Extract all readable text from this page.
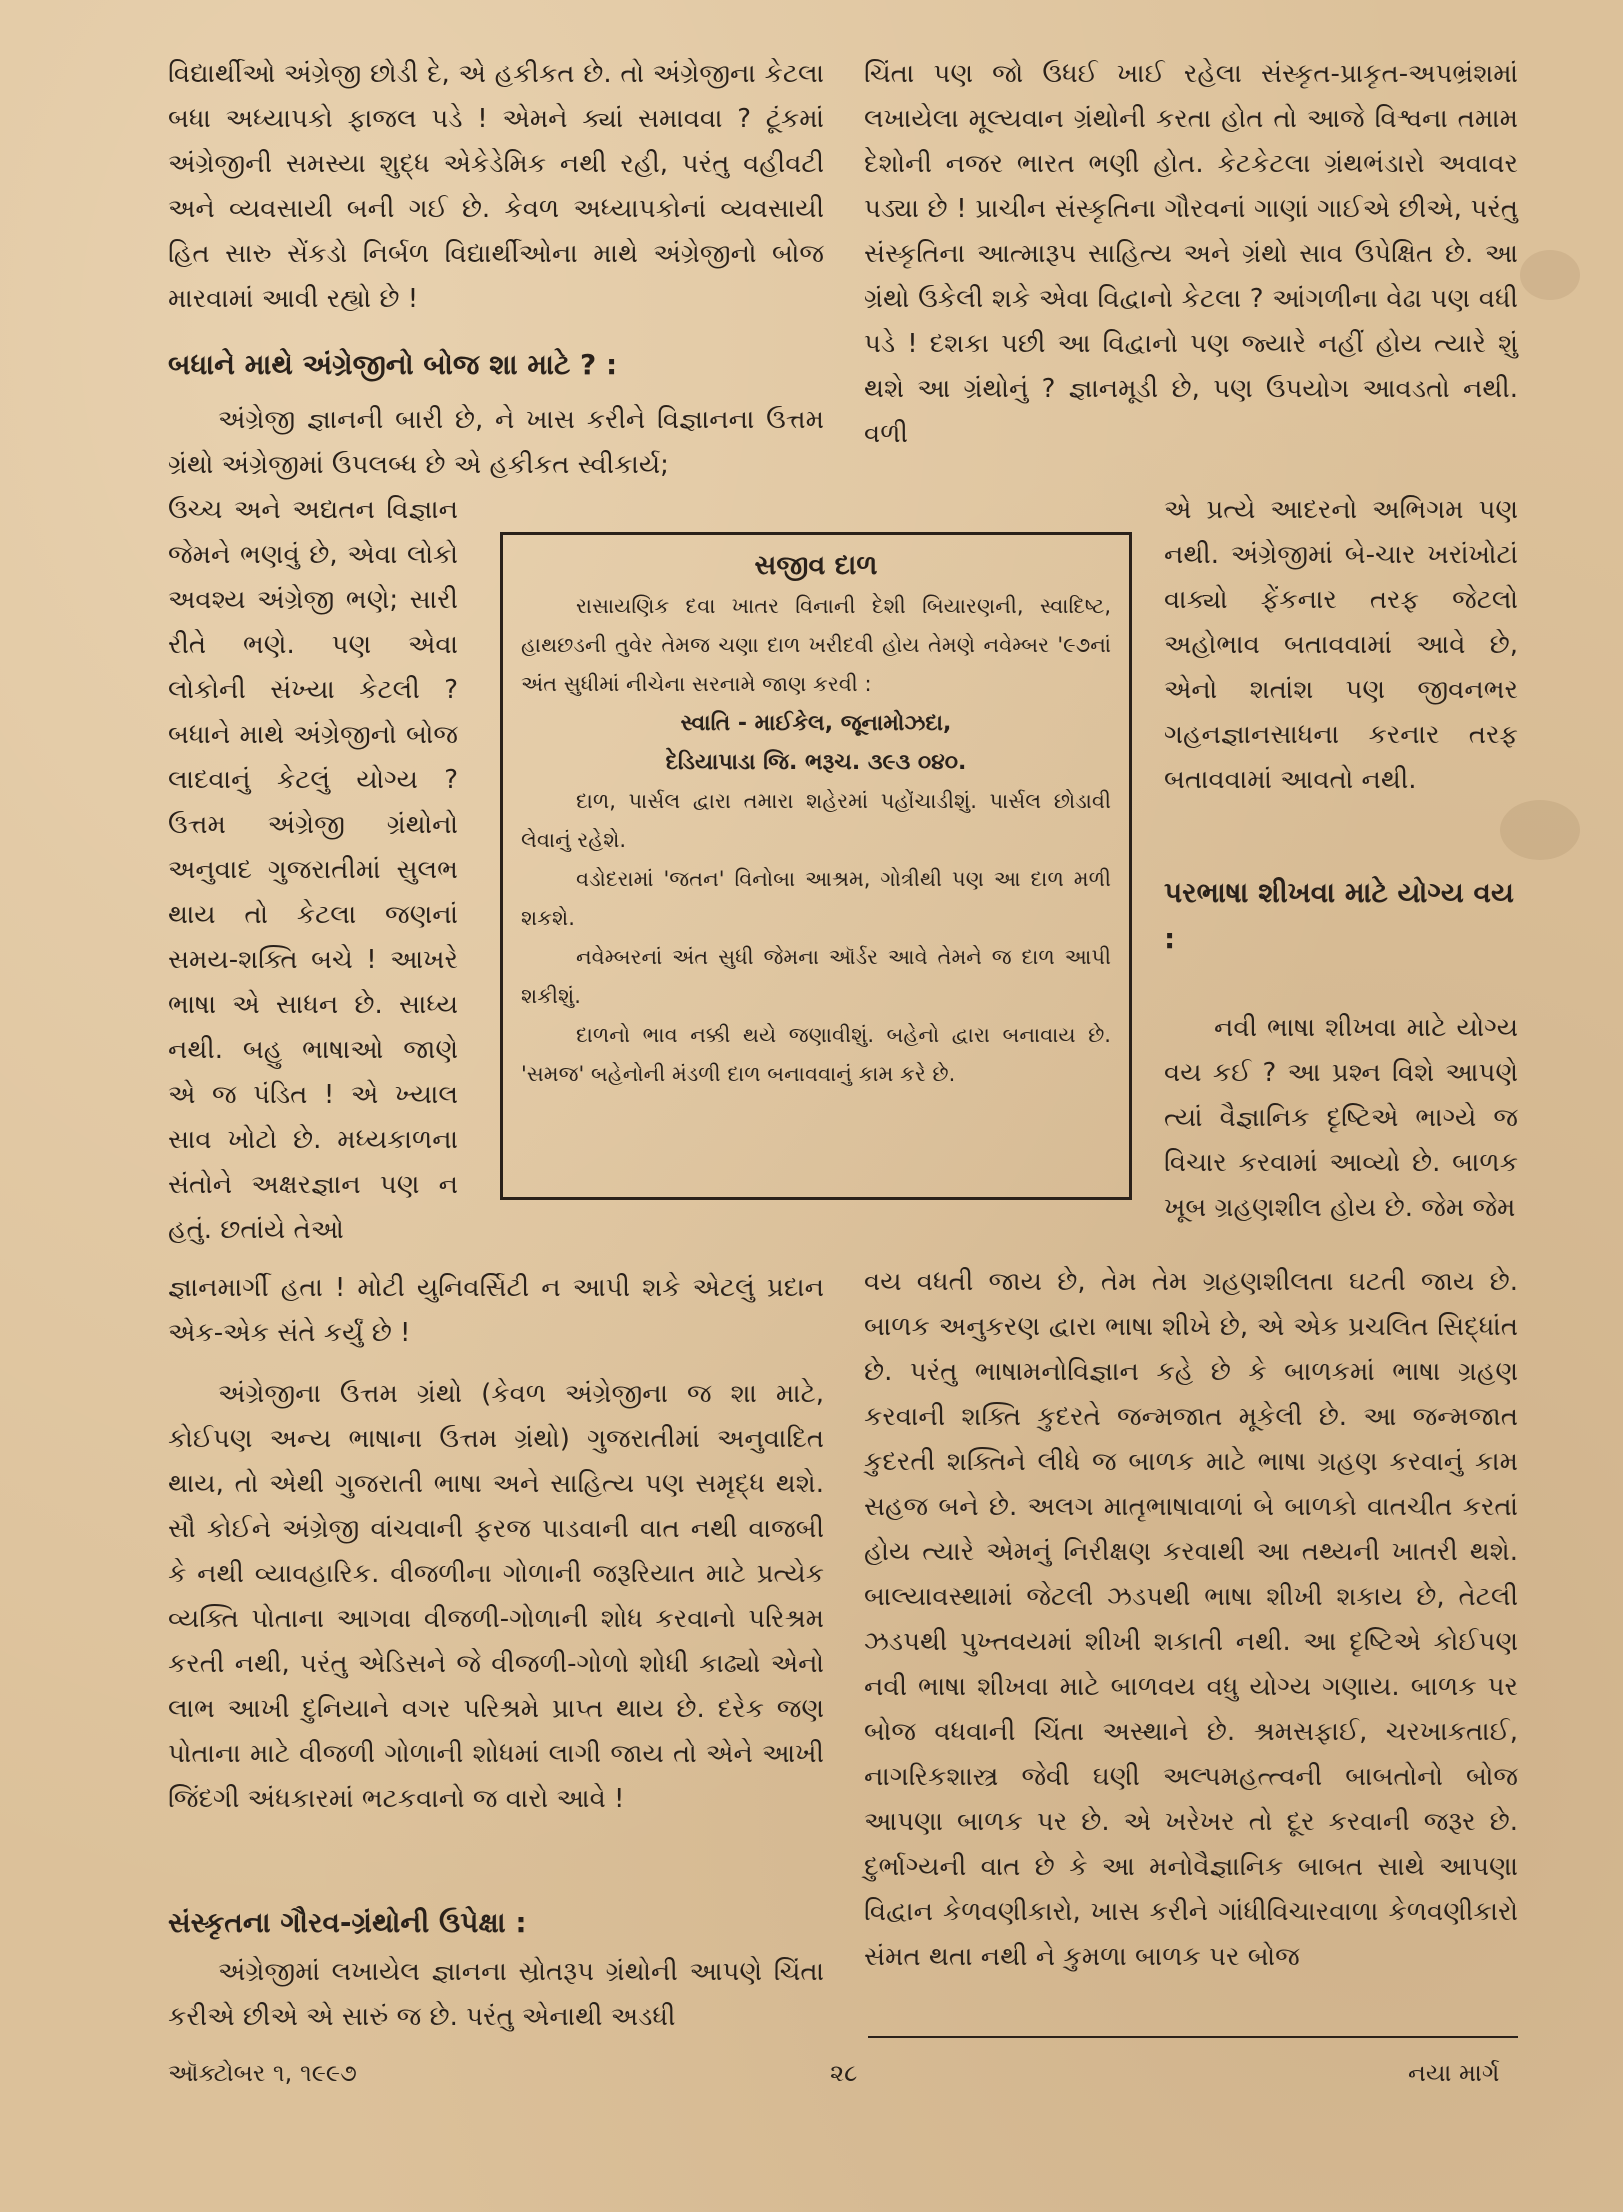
વિદ્યાર્થીઓ અંગ્રેજી છોડી દે, એ હકીકત છે. તો અંગ્રેજીના કેટલા બધા અધ્યાપકો ફાજલ પડે ! એમને ક્યાં સમાવવા ? ટૂંકમાં અંગ્રેજીની સમસ્યા શુદ્ધ એકેડેમિક નથી રહી, પરંતુ વહીવટી અને વ્યવસાયી બની ગઈ છે. કેવળ અધ્યાપકોનાં વ્યવસાયી હિત સારુ સેંકડો નિર્બળ વિદ્યાર્થીઓના માથે અંગ્રેજીનો બોજ મારવામાં આવી રહ્યો છે !

બધાને માથે અંગ્રેજીનો બોજ શા માટે ? :

અંગ્રેજી જ્ઞાનની બારી છે, ને ખાસ કરીને વિજ્ઞાનના ઉત્તમ ગ્રંથો અંગ્રેજીમાં ઉપલબ્ધ છે એ હકીકત સ્વીકાર્ય;

ઉચ્ચ અને અદ્યતન વિજ્ઞાન જેમને ભણવું છે, એવા લોકો અવશ્ય અંગ્રેજી ભણે; સારી રીતે ભણે. પણ એવા લોકોની સંખ્યા કેટલી ? બધાને માથે અંગ્રેજીનો બોજ લાદવાનું કેટલું યોગ્ય ? ઉત્તમ અંગ્રેજી ગ્રંથોનો અનુવાદ ગુજરાતીમાં સુલભ થાય તો કેટલા જણનાં સમય-શક્તિ બચે ! આખરે ભાષા એ સાધન છે. સાધ્ય નથી. બહુ ભાષાઓ જાણે એ જ પંડિત ! એ ખ્યાલ સાવ ખોટો છે. મધ્યકાળના સંતોને અક્ષરજ્ઞાન પણ ન હતું. છતાંયે તેઓ

જ્ઞાનમાર્ગી હતા ! મોટી યુનિવર્સિટી ન આપી શકે એટલું પ્રદાન એક-એક સંતે કર્યું છે !

અંગ્રેજીના ઉત્તમ ગ્રંથો (કેવળ અંગ્રેજીના જ શા માટે, કોઈપણ અન્ય ભાષાના ઉત્તમ ગ્રંથો) ગુજરાતીમાં અનુવાદિત થાય, તો એથી ગુજરાતી ભાષા અને સાહિત્ય પણ સમૃદ્ધ થશે. સૌ કોઈને અંગ્રેજી વાંચવાની ફરજ પાડવાની વાત નથી વાજબી કે નથી વ્યાવહારિક. વીજળીના ગોળાની જરૂરિયાત માટે પ્રત્યેક વ્યક્તિ પોતાના આગવા વીજળી-ગોળાની શોધ કરવાનો પરિશ્રમ કરતી નથી, પરંતુ એડિસને જે વીજળી-ગોળો શોધી કાઢ્યો એનો લાભ આખી દુનિયાને વગર પરિશ્રમે પ્રાપ્ત થાય છે. દરેક જણ પોતાના માટે વીજળી ગોળાની શોધમાં લાગી જાય તો એને આખી જિંદગી અંધકારમાં ભટકવાનો જ વારો આવે !

સંસ્કૃતના ગૌરવ-ગ્રંથોની ઉપેક્ષા :

અંગ્રેજીમાં લખાયેલ જ્ઞાનના સ્રોતરૂપ ગ્રંથોની આપણે ચિંતા કરીએ છીએ એ સારું જ છે. પરંતુ એનાથી અડધી

ચિંતા પણ જો ઉધઈ ખાઈ રહેલા સંસ્કૃત-પ્રાકૃત-અપભ્રંશમાં લખાયેલા મૂલ્યવાન ગ્રંથોની કરતા હોત તો આજે વિશ્વના તમામ દેશોની નજર ભારત ભણી હોત. કેટકેટલા ગ્રંથભંડારો અવાવર પડ્યા છે ! પ્રાચીન સંસ્કૃતિના ગૌરવનાં ગાણાં ગાઈએ છીએ, પરંતુ સંસ્કૃતિના આત્મારૂપ સાહિત્ય અને ગ્રંથો સાવ ઉપેક્ષિત છે. આ ગ્રંથો ઉકેલી શકે એવા વિદ્વાનો કેટલા ? આંગળીના વેઢા પણ વધી પડે ! દશકા પછી આ વિદ્વાનો પણ જ્યારે નહીં હોય ત્યારે શું થશે આ ગ્રંથોનું ? જ્ઞાનમૂડી છે, પણ ઉપયોગ આવડતો નથી. વળી

એ પ્રત્યે આદરનો અભિગમ પણ નથી. અંગ્રેજીમાં બે-ચાર ખરાંખોટાં વાક્યો ફેંકનાર તરફ જેટલો અહોભાવ બતાવવામાં આવે છે, એનો શતાંશ પણ જીવનભર ગહનજ્ઞાનસાધના કરનાર તરફ બતાવવામાં આવતો નથી.

પરભાષા શીખવા માટે યોગ્ય વય :

નવી ભાષા શીખવા માટે યોગ્ય વય કઈ ? આ પ્રશ્ન વિશે આપણે ત્યાં વૈજ્ઞાનિક દૃષ્ટિએ ભાગ્યે જ વિચાર કરવામાં આવ્યો છે. બાળક ખૂબ ગ્રહણશીલ હોય છે. જેમ જેમ

વય વધતી જાય છે, તેમ તેમ ગ્રહણશીલતા ઘટતી જાય છે. બાળક અનુકરણ દ્વારા ભાષા શીખે છે, એ એક પ્રચલિત સિદ્ધાંત છે. પરંતુ ભાષામનોવિજ્ઞાન કહે છે કે બાળકમાં ભાષા ગ્રહણ કરવાની શક્તિ કુદરતે જન્મજાત મૂકેલી છે. આ જન્મજાત કુદરતી શક્તિને લીધે જ બાળક માટે ભાષા ગ્રહણ કરવાનું કામ સહજ બને છે. અલગ માતૃભાષાવાળાં બે બાળકો વાતચીત કરતાં હોય ત્યારે એમનું નિરીક્ષણ કરવાથી આ તથ્યની ખાતરી થશે. બાલ્યાવસ્થામાં જેટલી ઝડપથી ભાષા શીખી શકાય છે, તેટલી ઝડપથી પુખ્તવયમાં શીખી શકાતી નથી. આ દૃષ્ટિએ કોઈપણ નવી ભાષા શીખવા માટે બાળવય વધુ યોગ્ય ગણાય. બાળક પર બોજ વધવાની ચિંતા અસ્થાને છે. શ્રમસફાઈ, ચરખાકતાઈ, નાગરિકશાસ્ત્ર જેવી ઘણી અલ્પમહત્ત્વની બાબતોનો બોજ આપણા બાળક પર છે. એ ખરેખર તો દૂર કરવાની જરૂર છે. દુર્ભાગ્યની વાત છે કે આ મનોવૈજ્ઞાનિક બાબત સાથે આપણા વિદ્વાન કેળવણીકારો, ખાસ કરીને ગાંધીવિચારવાળા કેળવણીકારો સંમત થતા નથી ને કુમળા બાળક પર બોજ

સજીવ દાળ

રાસાયણિક દવા ખાતર વિનાની દેશી બિયારણની, સ્વાદિષ્ટ, હાથછડની તુવેર તેમજ ચણા દાળ ખરીદવી હોય તેમણે નવેમ્બર '૯૭નાં અંત સુધીમાં નીચેના સરનામે જાણ કરવી :

સ્વાતિ - માઈકેલ, જૂનામોઝદા,

દેડિયાપાડા જિ. ભરૂચ. ૩૯૩ ૦૪૦.

દાળ, પાર્સલ દ્વારા તમારા શહેરમાં પહોંચાડીશું. પાર્સલ છોડાવી લેવાનું રહેશે.

વડોદરામાં 'જતન' વિનોબા આશ્રમ, ગોત્રીથી પણ આ દાળ મળી શકશે.

નવેમ્બરનાં અંત સુધી જેમના ઑર્ડર આવે તેમને જ દાળ આપી શકીશું.

દાળનો ભાવ નક્કી થયે જણાવીશું. બહેનો દ્વારા બનાવાય છે. 'સમજ' બહેનોની મંડળી દાળ બનાવવાનું કામ કરે છે.

ઑક્ટોબર ૧, ૧૯૯૭	૨૮	નયા માર્ગ
